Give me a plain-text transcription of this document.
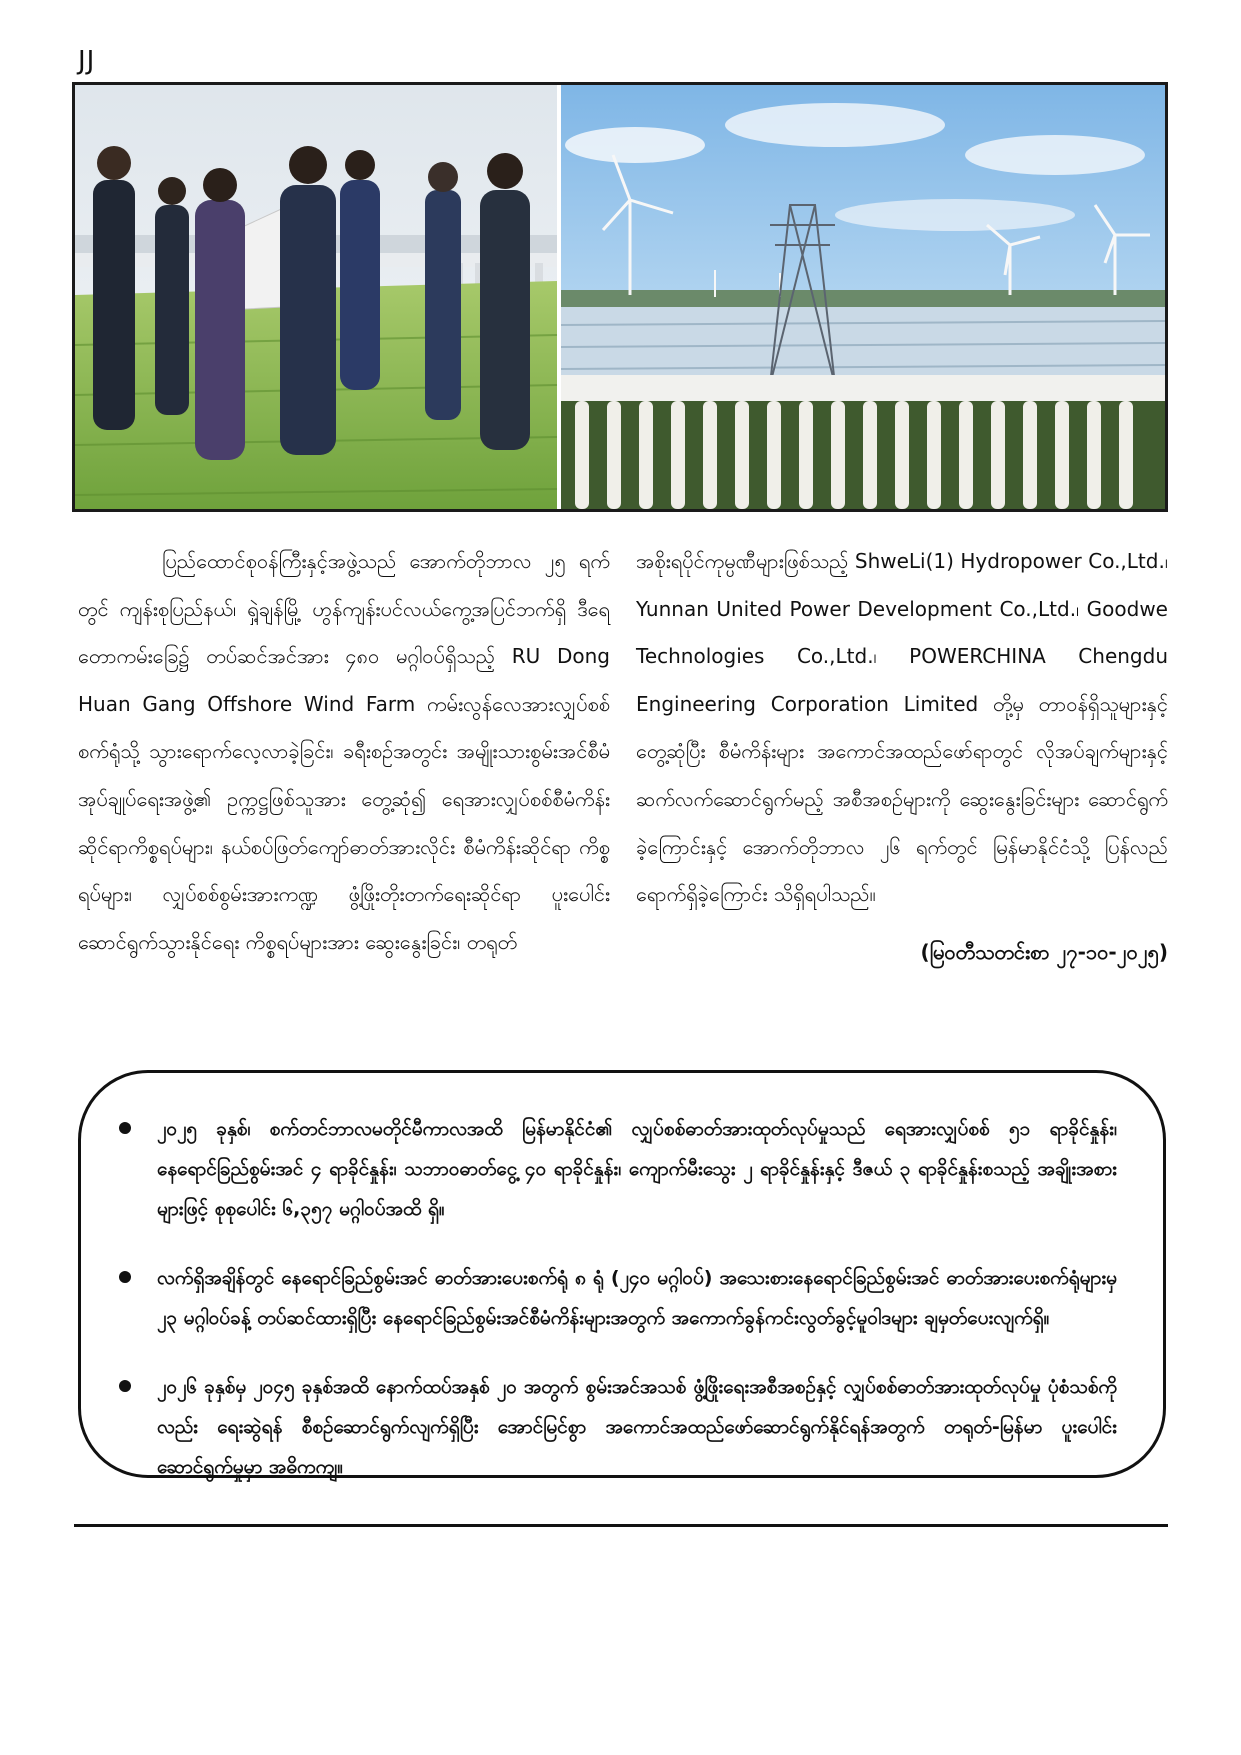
JJ

ပြည်ထောင်စုဝန်ကြီးနှင့်အဖွဲ့သည် အောက်တိုဘာလ ၂၅ ရက်တွင် ကျန်းစုပြည်နယ်၊ ရှဲ့ချန်မြို့ ဟွန်ကျန်းပင်လယ်ကွေ့အပြင်ဘက်ရှိ ဒီရေတောကမ်းခြေ၌ တပ်ဆင်အင်အား ၄၈၀ မဂ္ဂါဝပ်ရှိသည့် RU Dong Huan Gang Offshore Wind Farm ကမ်းလွန်လေအားလျှပ်စစ်စက်ရုံသို့ သွားရောက်လေ့လာခဲ့ခြင်း၊ ခရီးစဉ်အတွင်း အမျိုးသားစွမ်းအင်စီမံအုပ်ချုပ်ရေးအဖွဲ့၏ ဥက္ကဋ္ဌဖြစ်သူအား တွေ့ဆုံ၍ ရေအားလျှပ်စစ်စီမံကိန်းဆိုင်ရာကိစ္စရပ်များ၊ နယ်စပ်ဖြတ်ကျော်ဓာတ်အားလိုင်း စီမံကိန်းဆိုင်ရာ ကိစ္စရပ်များ၊ လျှပ်စစ်စွမ်းအားကဏ္ဍ ဖွံ့ဖြိုးတိုးတက်ရေးဆိုင်ရာ ပူးပေါင်းဆောင်ရွက်သွားနိုင်ရေး ကိစ္စရပ်များအား ဆွေးနွေးခြင်း၊ တရုတ်

အစိုးရပိုင်ကုမ္ပဏီများဖြစ်သည့် ShweLi(1) Hydropower Co.,Ltd.၊ Yunnan United Power Development Co.,Ltd.၊ Goodwe Technologies Co.,Ltd.၊ POWERCHINA Chengdu Engineering Corporation Limited တို့မှ တာဝန်ရှိသူများနှင့် တွေ့ဆုံပြီး စီမံကိန်းများ အကောင်အထည်ဖော်ရာတွင် လိုအပ်ချက်များနှင့် ဆက်လက်ဆောင်ရွက်မည့် အစီအစဉ်များကို ဆွေးနွေးခြင်းများ ဆောင်ရွက်ခဲ့ကြောင်းနှင့် အောက်တိုဘာလ ၂၆ ရက်တွင် မြန်မာနိုင်ငံသို့ ပြန်လည်ရောက်ရှိခဲ့ကြောင်း သိရှိရပါသည်။

(မြဝတီသတင်းစာ ၂၇-၁၀-၂၀၂၅)
၂၀၂၅ ခုနှစ်၊ စက်တင်ဘာလမတိုင်မီကာလအထိ မြန်မာနိုင်ငံ၏ လျှပ်စစ်ဓာတ်အားထုတ်လုပ်မှုသည် ရေအားလျှပ်စစ် ၅၁ ရာခိုင်နှုန်း၊ နေရောင်ခြည်စွမ်းအင် ၄ ရာခိုင်နှုန်း၊ သဘာဝဓာတ်ငွေ့ ၄၀ ရာခိုင်နှုန်း၊ ကျောက်မီးသွေး ၂ ရာခိုင်နှုန်းနှင့် ဒီဇယ် ၃ ရာခိုင်နှုန်းစသည့် အချိုးအစားများဖြင့် စုစုပေါင်း ၆,၃၅၇ မဂ္ဂါဝပ်အထိ ရှိ။
လက်ရှိအချိန်တွင် နေရောင်ခြည်စွမ်းအင် ဓာတ်အားပေးစက်ရုံ ၈ ရုံ (၂၄၀ မဂ္ဂါဝပ်) အသေးစားနေရောင်ခြည်စွမ်းအင် ဓာတ်အားပေးစက်ရုံများမှ ၂၃ မဂ္ဂါဝပ်ခန့် တပ်ဆင်ထားရှိပြီး နေရောင်ခြည်စွမ်းအင်စီမံကိန်းများအတွက် အကောက်ခွန်ကင်းလွတ်ခွင့်မူဝါဒများ ချမှတ်ပေးလျက်ရှိ။
၂၀၂၆ ခုနှစ်မှ ၂၀၄၅ ခုနှစ်အထိ နောက်ထပ်အနှစ် ၂၀ အတွက် စွမ်းအင်အသစ် ဖွံ့ဖြိုးရေးအစီအစဉ်နှင့် လျှပ်စစ်ဓာတ်အားထုတ်လုပ်မှု ပုံစံသစ်ကိုလည်း ရေးဆွဲရန် စီစဉ်ဆောင်ရွက်လျက်ရှိပြီး အောင်မြင်စွာ အကောင်အထည်ဖော်ဆောင်ရွက်နိုင်ရန်အတွက် တရုတ်-မြန်မာ ပူးပေါင်းဆောင်ရွက်မှုမှာ အဓိကကျ။
